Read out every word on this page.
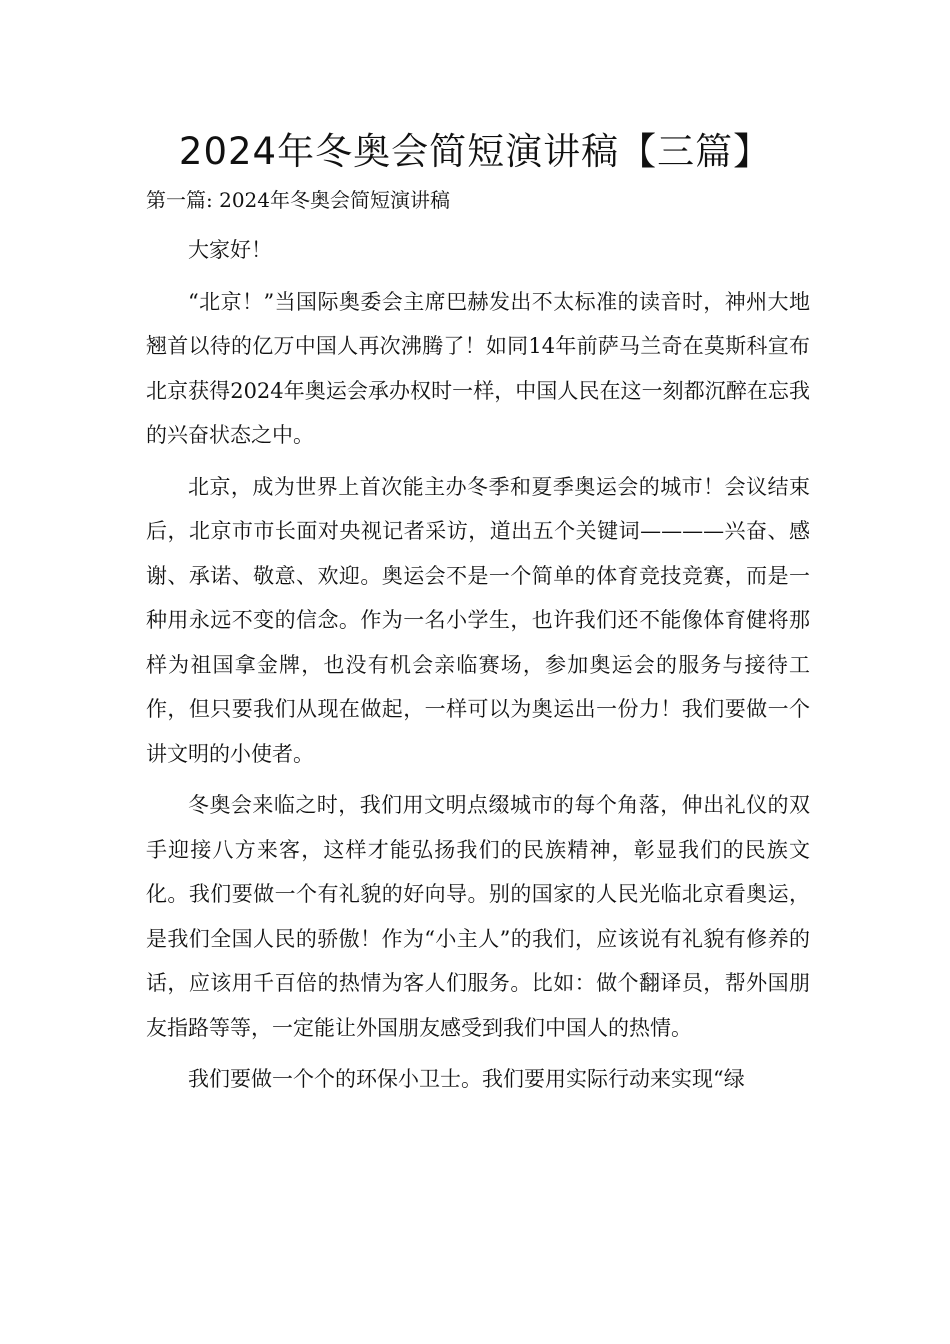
2024年冬奥会简短演讲稿【三篇】

第一篇: 2024年冬奥会简短演讲稿

大家好！

“北京！”当国际奥委会主席巴赫发出不太标准的读音时，神州大地翘首以待的亿万中国人再次沸腾了！如同14年前萨马兰奇在莫斯科宣布北京获得2024年奥运会承办权时一样，中国人民在这一刻都沉醉在忘我的兴奋状态之中。

北京，成为世界上首次能主办冬季和夏季奥运会的城市！会议结束后，北京市市长面对央视记者采访，道出五个关键词————兴奋、感谢、承诺、敬意、欢迎。奥运会不是一个简单的体育竞技竞赛，而是一种用永远不变的信念。作为一名小学生，也许我们还不能像体育健将那样为祖国拿金牌，也没有机会亲临赛场，参加奥运会的服务与接待工作，但只要我们从现在做起，一样可以为奥运出一份力！我们要做一个讲文明的小使者。

冬奥会来临之时，我们用文明点缀城市的每个角落，伸出礼仪的双手迎接八方来客，这样才能弘扬我们的民族精神，彰显我们的民族文化。我们要做一个有礼貌的好向导。别的国家的人民光临北京看奥运，是我们全国人民的骄傲！作为“小主人”的我们，应该说有礼貌有修养的话，应该用千百倍的热情为客人们服务。比如：做个翻译员，帮外国朋友指路等等，一定能让外国朋友感受到我们中国人的热情。

我们要做一个个的环保小卫士。我们要用实际行动来实现“绿
